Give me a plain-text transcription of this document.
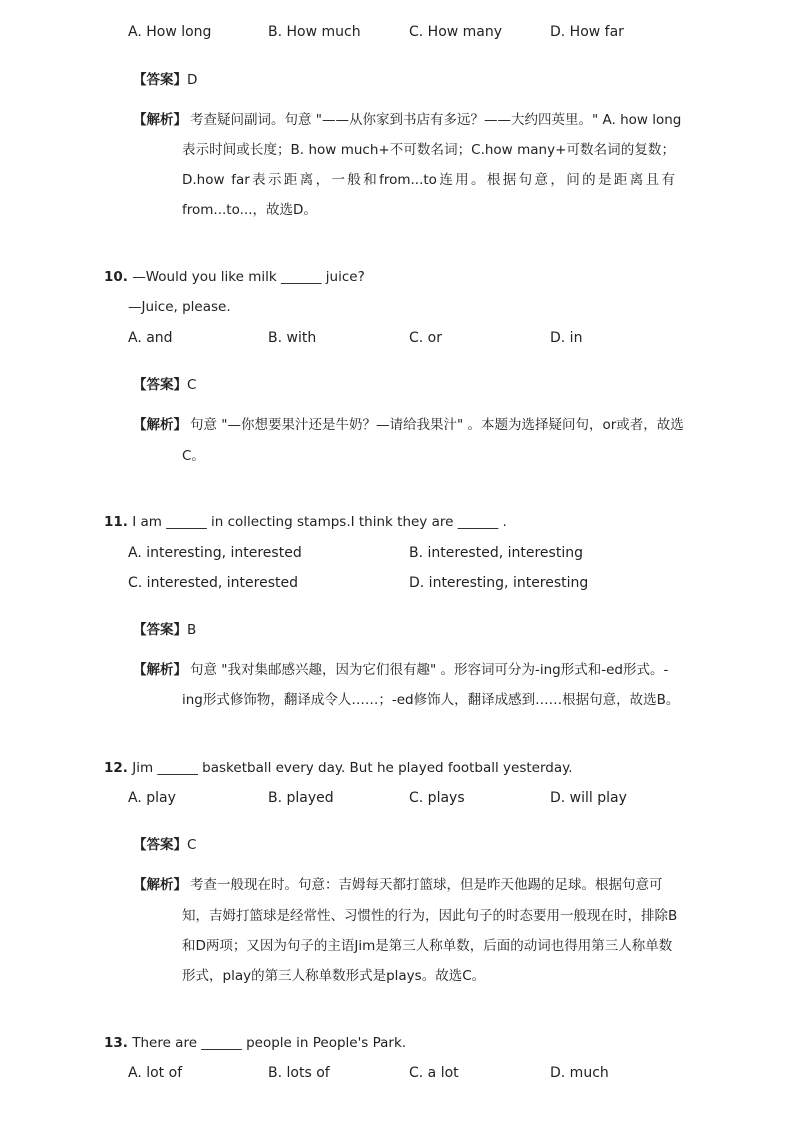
A. How long	B. How much	C. How many	D. How far
【答案】D
【解析】 考查疑问副词。句意 "——从你家到书店有多远？——大约四英里。" A. how long
表示时间或长度；B. how much+不可数名词；C.how many+可数名词的复数；
D.how far表示距离，一般和from...to连用。根据句意，问的是距离且有
from...to...，故选D。
10. —Would you like milk ______ juice?
—Juice, please.
A. and	B. with	C. or	D. in
【答案】C
【解析】 句意 "—你想要果汁还是牛奶？—请给我果汁" 。本题为选择疑问句，or或者，故选
C。
11. I am ______ in collecting stamps.I think they are ______ .
A. interesting, interested	B. interested, interesting
C. interested, interested	D. interesting, interesting
【答案】B
【解析】 句意 "我对集邮感兴趣，因为它们很有趣" 。形容词可分为-ing形式和-ed形式。-
ing形式修饰物，翻译成令人……；-ed修饰人，翻译成感到……根据句意，故选B。
12. Jim ______ basketball every day. But he played football yesterday.
A. play	B. played	C. plays	D. will play
【答案】C
【解析】 考查一般现在时。句意：吉姆每天都打篮球，但是昨天他踢的足球。根据句意可
知，吉姆打篮球是经常性、习惯性的行为，因此句子的时态要用一般现在时，排除B
和D两项；又因为句子的主语Jim是第三人称单数，后面的动词也得用第三人称单数
形式，play的第三人称单数形式是plays。故选C。
13. There are ______ people in People's Park.
A. lot of	B. lots of	C. a lot	D. much
